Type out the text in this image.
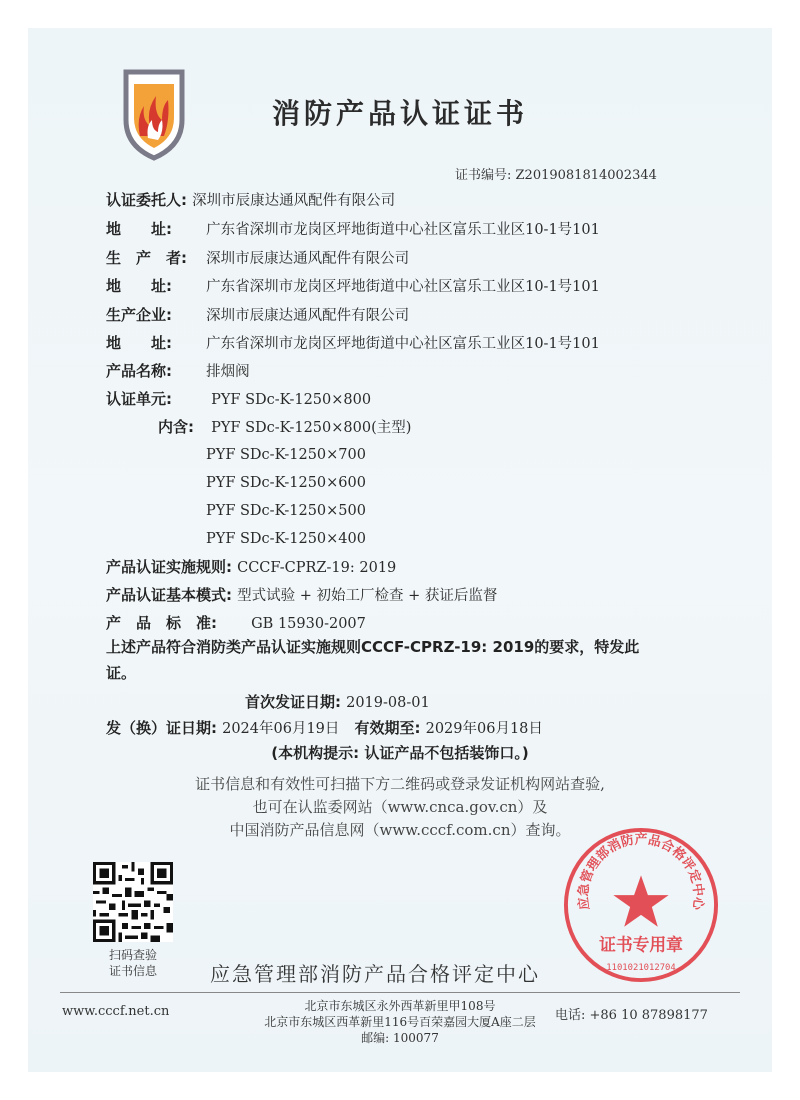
消防产品认证证书
证书编号: Z2019081814002344
认证委托人: 深圳市辰康达通风配件有限公司
地　　址: 广东省深圳市龙岗区坪地街道中心社区富乐工业区10-1号101
生　产　者: 深圳市辰康达通风配件有限公司
地　　址: 广东省深圳市龙岗区坪地街道中心社区富乐工业区10-1号101
生产企业: 深圳市辰康达通风配件有限公司
地　　址: 广东省深圳市龙岗区坪地街道中心社区富乐工业区10-1号101
产品名称: 排烟阀
认证单元:	PYF SDc-K-1250×800
内含: PYF SDc-K-1250×800(主型)
PYF SDc-K-1250×700
PYF SDc-K-1250×600
PYF SDc-K-1250×500
PYF SDc-K-1250×400
产品认证实施规则: CCCF-CPRZ-19: 2019
产品认证基本模式: 型式试验 + 初始工厂检查 + 获证后监督
产　品　标　准: GB 15930-2007
上述产品符合消防类产品认证实施规则CCCF-CPRZ-19: 2019的要求，特发此证。
首次发证日期: 2019-08-01
发（换）证日期: 2024年06月19日 有效期至: 2029年06月18日
(本机构提示: 认证产品不包括装饰口。)
证书信息和有效性可扫描下方二维码或登录发证机构网站查验,
也可在认监委网站（www.cnca.gov.cn）及
中国消防产品信息网（www.cccf.com.cn）查询。
扫码查验
证书信息	应急管理部消防产品合格评定中心
应急管理部消防产品合格评定中心
证书专用章
1101021012704
www.cccf.net.cn	北京市东城区永外西革新里甲108号
北京市东城区西革新里116号百荣嘉园大厦A座二层
邮编: 100077
电话: +86 10 87898177
